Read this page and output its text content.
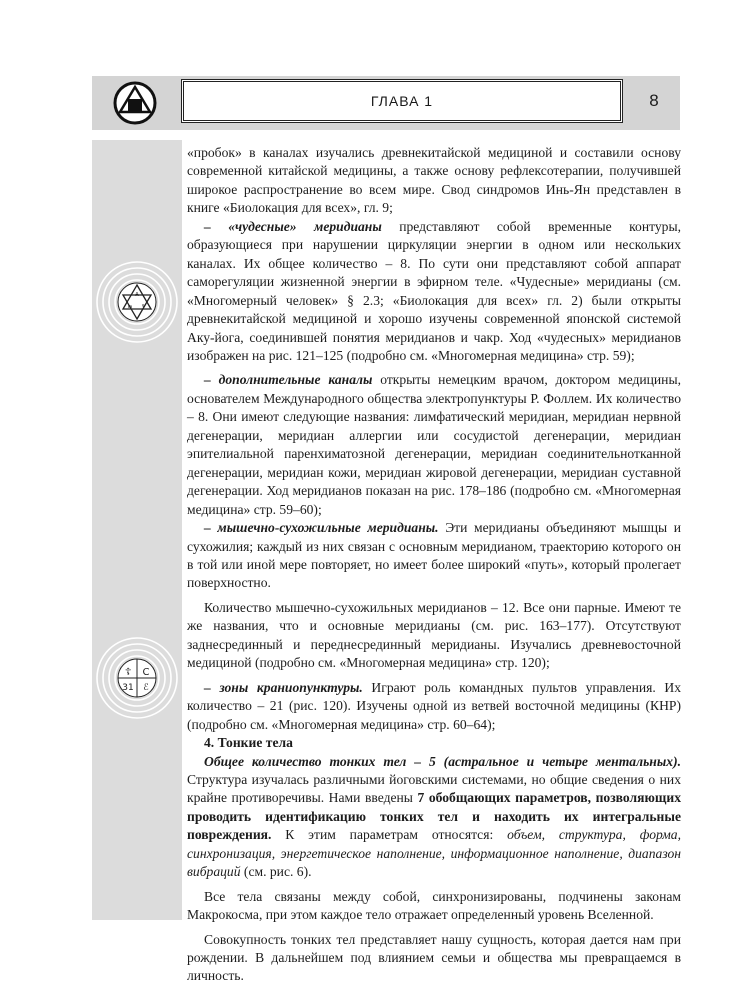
ГЛАВА 1	8
Ѧ
ꙗ Ѱ
☦ С
31 ℰ

«пробок» в каналах изучались древнекитайской медициной и составили основу современной китайской медицины, а также основу рефлексотерапии, получившей широкое распространение во всем мире. Свод синдромов Инь-Ян представлен в книге «Биолокация для всех», гл. 9;

– «чудесные» меридианы представляют собой временные контуры, образующиеся при нарушении циркуляции энергии в одном или нескольких каналах. Их общее количество – 8. По сути они представляют собой аппарат саморегуляции жизненной энергии в эфирном теле. «Чудесные» меридианы (см. «Многомерный человек» § 2.3; «Биолокация для всех» гл. 2) были открыты древнекитайской медициной и хорошо изучены современной японской системой Аку-йога, соединившей понятия меридианов и чакр. Ход «чудесных» меридианов изображен на рис. 121–125 (подробно см. «Многомерная медицина» стр. 59);

– дополнительные каналы открыты немецким врачом, доктором медицины, основателем Международного общества электропунктуры Р. Фоллем. Их количество – 8. Они имеют следующие названия: лимфатический меридиан, меридиан нервной дегенерации, меридиан аллергии или сосудистой дегенерации, меридиан эпителиальной паренхиматозной дегенерации, меридиан соединительнотканной дегенерации, меридиан кожи, меридиан жировой дегенерации, меридиан суставной дегенерации. Ход меридианов показан на рис. 178–186 (подробно см. «Многомерная медицина» стр. 59–60);

– мышечно-сухожильные меридианы. Эти меридианы объединяют мышцы и сухожилия; каждый из них связан с основным меридианом, траекторию которого он в той или иной мере повторяет, но имеет более широкий «путь», который пролегает поверхностно.

Количество мышечно-сухожильных меридианов – 12. Все они парные. Имеют те же названия, что и основные меридианы (см. рис. 163–177). Отсутствуют заднесрединный и переднесрединный меридианы. Изучались древневосточной медициной (подробно см. «Многомерная медицина» стр. 120);

– зоны краниопунктуры. Играют роль командных пультов управления. Их количество – 21 (рис. 120). Изучены одной из ветвей восточной медицины (КНР) (подробно см. «Многомерная медицина» стр. 60–64);

4. Тонкие тела

Общее количество тонких тел – 5 (астральное и четыре ментальных). Структура изучалась различными йоговскими системами, но общие сведения о них крайне противоречивы. Нами введены 7 обобщающих параметров, позволяющих проводить идентификацию тонких тел и находить их интегральные повреждения. К этим параметрам относятся: объем, структура, форма, синхронизация, энергетическое наполнение, информационное наполнение, диапазон вибраций (см. рис. 6).

Все тела связаны между собой, синхронизированы, подчинены законам Макрокосма, при этом каждое тело отражает определенный уровень Вселенной.

Совокупность тонких тел представляет нашу сущность, которая дается нам при рождении. В дальнейшем под влиянием семьи и общества мы превращаемся в личность.
